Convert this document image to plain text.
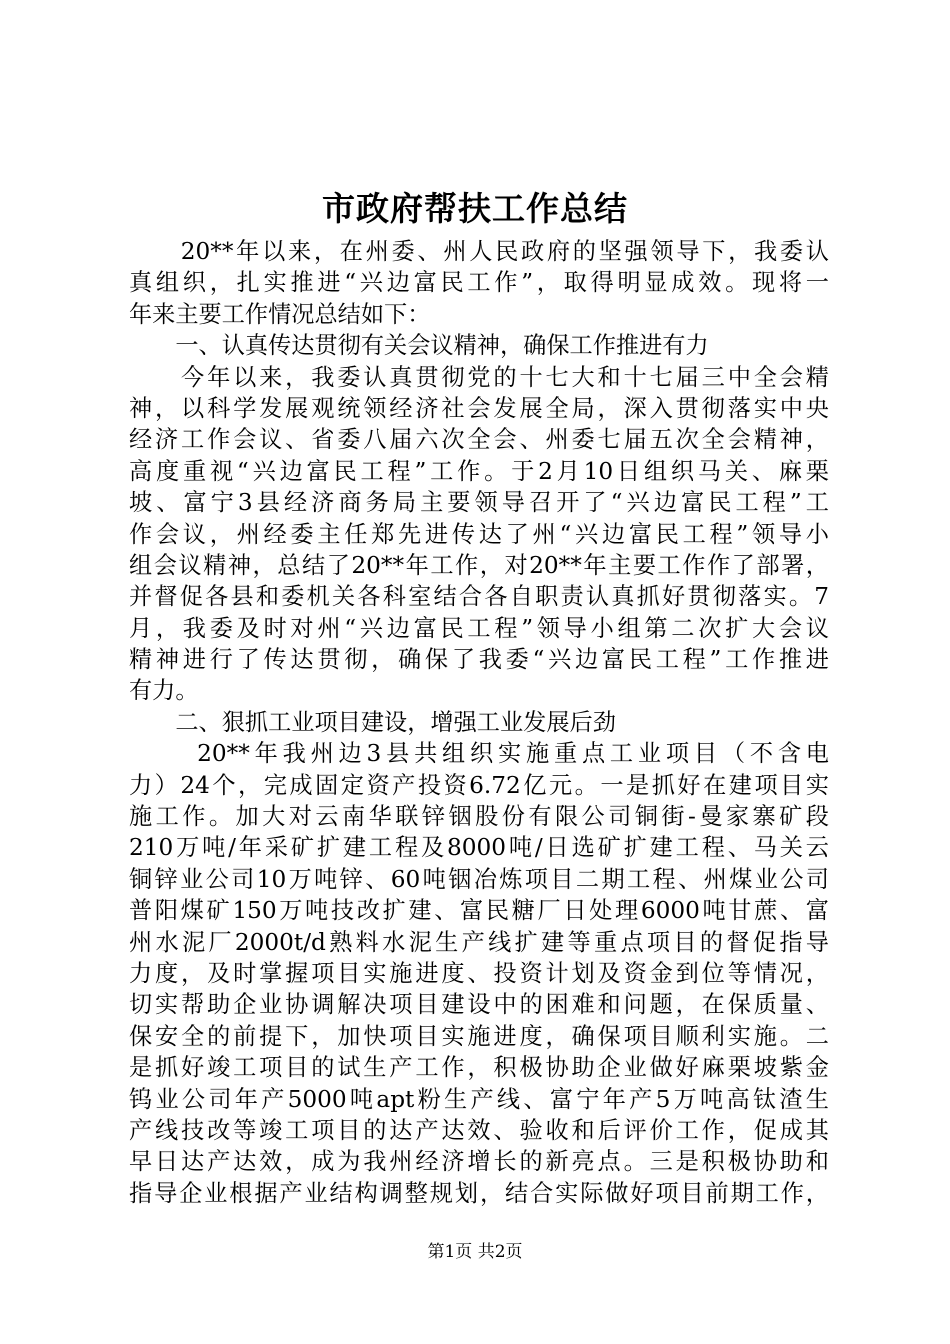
市政府帮扶工作总结
　　20**年以来，在州委、州人民政府的坚强领导下，我委认
真组织，扎实推进“兴边富民工作”，取得明显成效。现将一
年来主要工作情况总结如下：
　　一、认真传达贯彻有关会议精神，确保工作推进有力
　　今年以来，我委认真贯彻党的十七大和十七届三中全会精
神，以科学发展观统领经济社会发展全局，深入贯彻落实中央
经济工作会议、省委八届六次全会、州委七届五次全会精神，
高度重视“兴边富民工程”工作。于2月10日组织马关、麻栗
坡、富宁3县经济商务局主要领导召开了“兴边富民工程”工
作会议，州经委主任郑先进传达了州“兴边富民工程”领导小
组会议精神，总结了20**年工作，对20**年主要工作作了部署，
并督促各县和委机关各科室结合各自职责认真抓好贯彻落实。7
月，我委及时对州“兴边富民工程”领导小组第二次扩大会议
精神进行了传达贯彻，确保了我委“兴边富民工程”工作推进
有力。
　　二、狠抓工业项目建设，增强工业发展后劲
　　 20**年我州边3县共组织实施重点工业项目（不含电
力）24个，完成固定资产投资6.72亿元。一是抓好在建项目实
施工作。加大对云南华联锌铟股份有限公司铜街-曼家寨矿段
210万吨/年采矿扩建工程及8000吨/日选矿扩建工程、马关云
铜锌业公司10万吨锌、60吨铟冶炼项目二期工程、州煤业公司
普阳煤矿150万吨技改扩建、富民糖厂日处理6000吨甘蔗、富
州水泥厂2000t/d熟料水泥生产线扩建等重点项目的督促指导
力度，及时掌握项目实施进度、投资计划及资金到位等情况，
切实帮助企业协调解决项目建设中的困难和问题，在保质量、
保安全的前提下，加快项目实施进度，确保项目顺利实施。二
是抓好竣工项目的试生产工作，积极协助企业做好麻栗坡紫金
钨业公司年产5000吨apt粉生产线、富宁年产5万吨高钛渣生
产线技改等竣工项目的达产达效、验收和后评价工作，促成其
早日达产达效，成为我州经济增长的新亮点。三是积极协助和
指导企业根据产业结构调整规划，结合实际做好项目前期工作，
第1页 共2页
